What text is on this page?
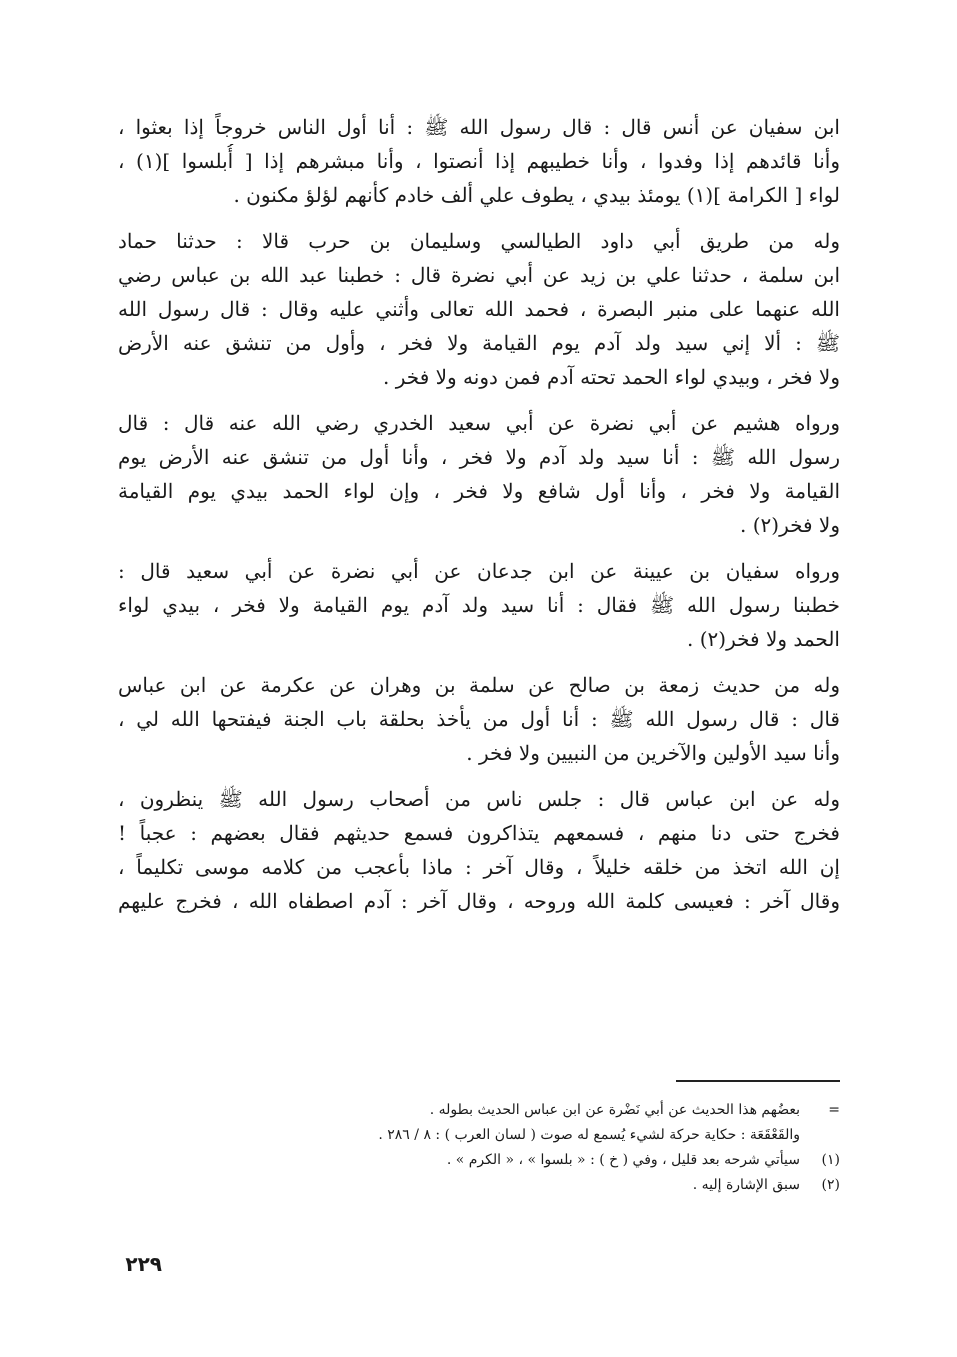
ابن سفيان عن أنس قال : قال رسول الله ﷺ : أنا أول الناس خروجاً إذا بعثوا ،
وأنا قائدهم إذا وفدوا ، وأنا خطيبهم إذا أنصتوا ، وأنا مبشرهم إذا [ أُبلسوا ](١) ،
لواء [ الكرامة ](١) يومئذ بيدي ، يطوف علي ألف خادم كأنهم لؤلؤ مكنون .
وله من طريق أبي داود الطيالسي وسليمان بن حرب قالا : حدثنا حماد
ابن سلمة ، حدثنا علي بن زيد عن أبي نضرة قال : خطبنا عبد الله بن عباس رضي
الله عنهما على منبر البصرة ، فحمد الله تعالى وأثني عليه وقال : قال رسول الله
ﷺ : ألا إني سيد ولد آدم يوم القيامة ولا فخر ، وأول من تنشق عنه الأرض
ولا فخر ، وبيدي لواء الحمد تحته آدم فمن دونه ولا فخر .
ورواه هشيم عن أبي نضرة عن أبي سعيد الخدري رضي الله عنه قال : قال
رسول الله ﷺ : أنا سيد ولد آدم ولا فخر ، وأنا أول من تنشق عنه الأرض يوم
القيامة ولا فخر ، وأنا أول شافع ولا فخر ، وإن لواء الحمد بيدي يوم القيامة
ولا فخر(٢) .
ورواه سفيان بن عيينة عن ابن جدعان عن أبي نضرة عن أبي سعيد قال :
خطبنا رسول الله ﷺ فقال : أنا سيد ولد آدم يوم القيامة ولا فخر ، بيدي لواء
الحمد ولا فخر(٢) .
وله من حديث زمعة بن صالح عن سلمة بن وهران عن عكرمة عن ابن عباس
قال : قال رسول الله ﷺ : أنا أول من يأخذ بحلقة باب الجنة فيفتحها الله لي ،
وأنا سيد الأولين والآخرين من النبيين ولا فخر .
وله عن ابن عباس قال : جلس ناس من أصحاب رسول الله ﷺ ينظرون ،
فخرج حتى دنا منهم ، فسمعهم يتذاكرون فسمع حديثهم فقال بعضهم : عجباً !
إن الله اتخذ من خلقه خليلاً ، وقال آخر : ماذا بأعجب من كلامه موسى تكليماً ،
وقال آخر : فعيسى كلمة الله وروحه ، وقال آخر : آدم اصطفاه الله ، فخرج عليهم
=
بعضُهم هذا الحديث عن أبي نَضْرة عن ابن عباس الحديث بطوله .
والقَعْقَعَة : حكاية حركة لشيء يُسمع له صوت ( لسان العرب ) : ٨ / ٢٨٦ .
(١)
سيأتي شرحه بعد قليل ، وفي ( خ ) : « بلسوا » ، « الكرم » .
(٢)
سبق الإشارة إليه .
٢٢٩
